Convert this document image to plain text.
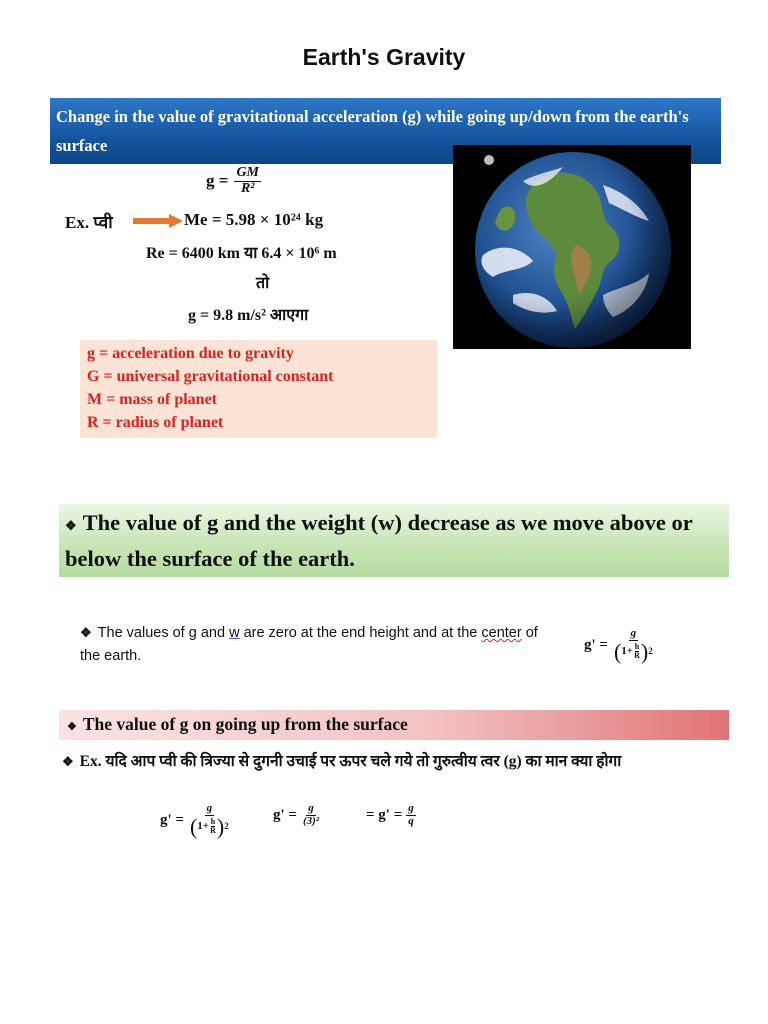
Earth's Gravity
Change in the value of gravitational acceleration (g) while going up/down from the earth's surface
$g = \frac{GM}{\text{R²}}$
Ex. प्वी	Me = 5.98 × 10²⁴ kg
Re = 6400 km या 6.4 × 10⁶ m
तो
g = 9.8 m/s² आएगा
g = acceleration due to gravity
G = universal gravitational constant
M = mass of planet
R = radius of planet
❖ The value of g and the weight (w) decrease as we move above or below the surface of the earth.
❖ The values of g and w are zero at the end height and at the center of the earth.
$g' = \frac{g}{( 1+ \frac{h}{R} ) 2}$
❖ The value of g on going up from the surface
❖ Ex. यदि आप प्वी की त्रिज्या से दुगनी उचाई पर ऊपर चले गये तो गुरुत्वीय त्वर (g) का मान क्या होगा
$g' = \frac{g}{( 1+ \frac{h}{R} ) 2}$	$g' = \frac{g}{\text{(3)²}}$	= $g' = \frac{g}{q}$
